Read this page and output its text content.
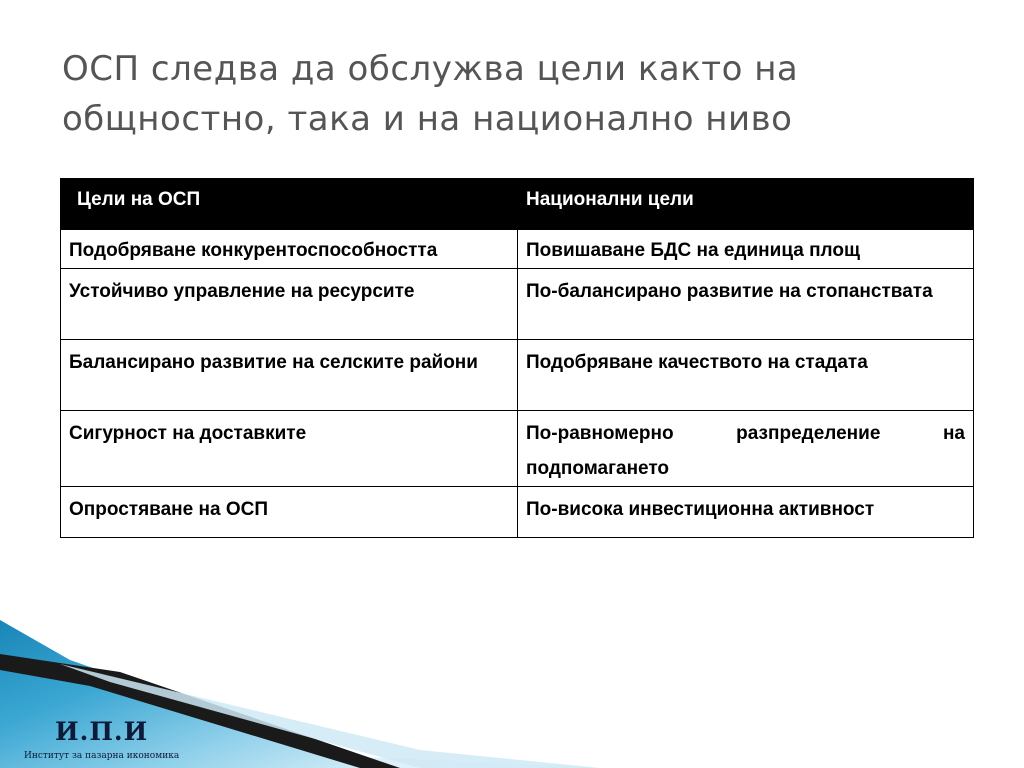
ОСП следва да обслужва цели както на
общностно, така и на национално ниво
Цели на ОСП	Национални цели
Подобряване конкурентоспособността	Повишаване БДС на единица площ
Устойчиво управление на ресурсите	По-балансирано развитие на стопанствата
Балансирано развитие на селските райони	Подобряване качеството на стадата
Сигурност на доставките	По-равномерно разпределение на подпомагането
Опростяване на ОСП	По-висока инвестиционна активност
И.П.И
Институт за пазарна икономика
